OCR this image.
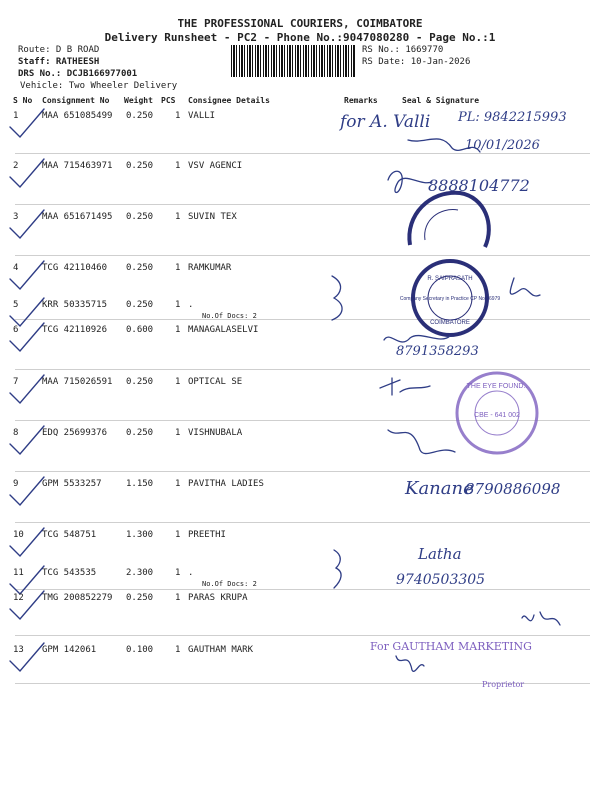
THE PROFESSIONAL COURIERS, COIMBATORE
Delivery Runsheet - PC2 - Phone No.:9047080280 - Page No.:1
Route: D B ROAD
Staff: RATHEESH
DRS No.: DCJB166977001
Vehicle: Two Wheeler Delivery
RS No.: 1669770
RS Date: 10-Jan-2026
S No Consignment No Weight PCS Consignee Details	Remarks	Seal & Signature
1	MAA 651085499 0.250 1 VALLI
2	MAA 715463971 0.250 1 VSV AGENCI
3	MAA 651671495 0.250 1 SUVIN TEX
4	TCG 42110460 0.250 1 RAMKUMAR
5	KRR 50335715 0.250 1 .
No.Of Docs: 2
6	TCG 42110926 0.600 1 MANAGALASELVI
7	MAA 715026591 0.250 1 OPTICAL SE
8	EDQ 25699376 0.250 1 VISHNUBALA
9	GPM 5533257	1.150 1 PAVITHA LADIES
10 TCG 548751	1.300 1 PREETHI
11 TCG 543535	2.300 1 .
No.Of Docs: 2
12 TMG 200852279 0.250 1 PARAS KRUPA
13 GPM 142061	0.100 1 GAUTHAM MARK
for A. Valli PL: 9842215993
10/01/2026
8888104772
8791358293
Kanane
8790886098
Latha
9740503305
For GAUTHAM MARKETING
Proprietor
R. SAIPRASATH
Company Secretary in Practice CP No 16979
COIMBATORE
THE EYE FOUND..
CBE - 641 002
